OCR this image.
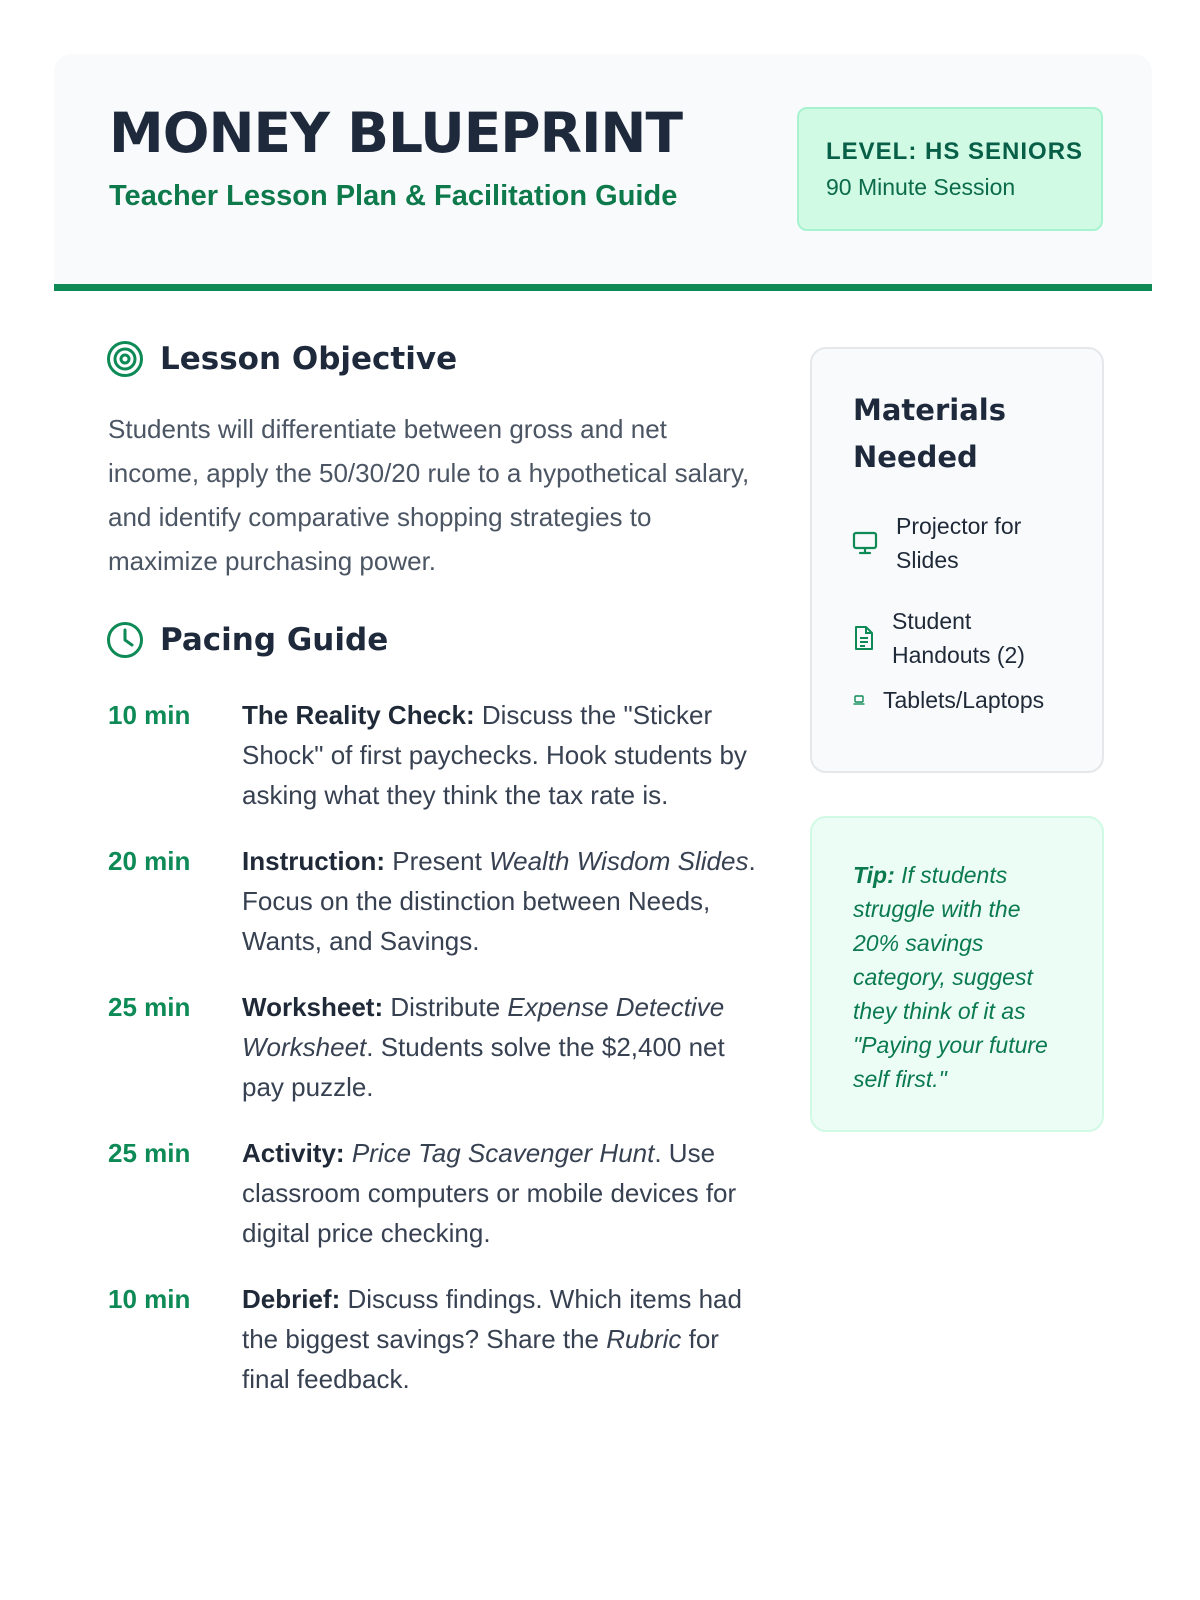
MONEY BLUEPRINT
Teacher Lesson Plan & Facilitation Guide
LEVEL: HS SENIORS
90 Minute Session
Lesson Objective

Students will differentiate between gross and net income, apply the 50/30/20 rule to a hypothetical salary, and identify comparative shopping strategies to maximize purchasing power.

Pacing Guide
10 min	The Reality Check: Discuss the "Sticker Shock" of first paychecks. Hook students by asking what they think the tax rate is.
20 min	Instruction: Present Wealth Wisdom Slides. Focus on the distinction between Needs, Wants, and Savings.
25 min	Worksheet: Distribute Expense Detective Worksheet. Students solve the $2,400 net pay puzzle.
25 min	Activity: Price Tag Scavenger Hunt. Use classroom computers or mobile devices for digital price checking.
10 min	Debrief: Discuss findings. Which items had the biggest savings? Share the Rubric for final feedback.
Materials Needed
Projector for Slides
Student Handouts (2)
Tablets/Laptops
Tip: If students struggle with the 20% savings category, suggest they think of it as "Paying your future self first."
